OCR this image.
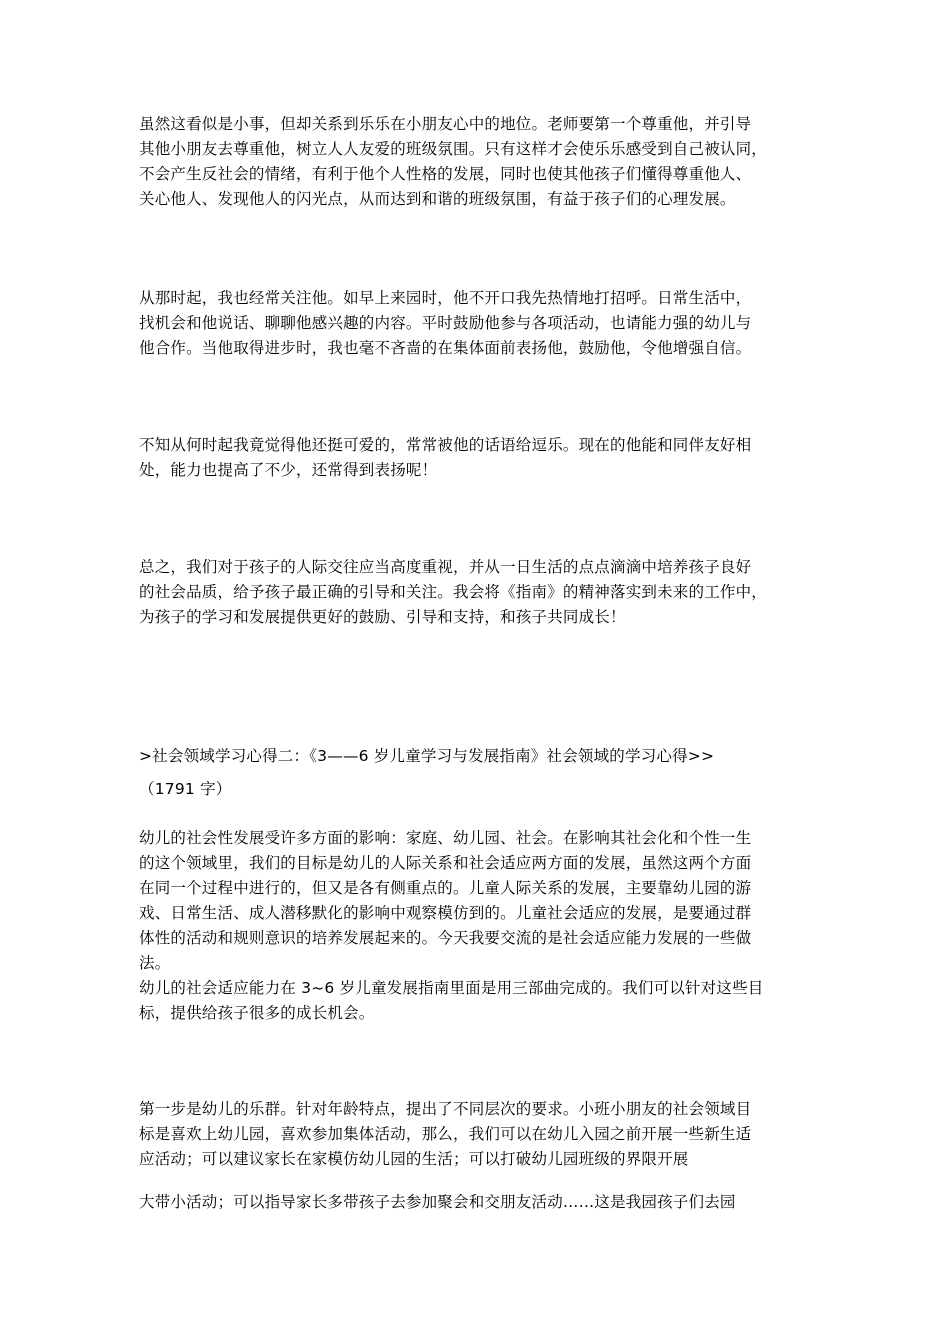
虽然这看似是小事，但却关系到乐乐在小朋友心中的地位。老师要第一个尊重他，并引导
其他小朋友去尊重他，树立人人友爱的班级氛围。只有这样才会使乐乐感受到自己被认同，
不会产生反社会的情绪，有利于他个人性格的发展，同时也使其他孩子们懂得尊重他人、
关心他人、发现他人的闪光点，从而达到和谐的班级氛围，有益于孩子们的心理发展。
从那时起，我也经常关注他。如早上来园时，他不开口我先热情地打招呼。日常生活中，
找机会和他说话、聊聊他感兴趣的内容。平时鼓励他参与各项活动，也请能力强的幼儿与
他合作。当他取得进步时，我也毫不吝啬的在集体面前表扬他，鼓励他，令他增强自信。
不知从何时起我竟觉得他还挺可爱的，常常被他的话语给逗乐。现在的他能和同伴友好相
处，能力也提高了不少，还常得到表扬呢！
总之，我们对于孩子的人际交往应当高度重视，并从一日生活的点点滴滴中培养孩子良好
的社会品质，给予孩子最正确的引导和关注。我会将《指南》的精神落实到未来的工作中，
为孩子的学习和发展提供更好的鼓励、引导和支持，和孩子共同成长！
>社会领域学习心得二：《3——6 岁儿童学习与发展指南》社会领域的学习心得>>
（1791 字）
幼儿的社会性发展受许多方面的影响：家庭、幼儿园、社会。在影响其社会化和个性一生
的这个领域里，我们的目标是幼儿的人际关系和社会适应两方面的发展，虽然这两个方面
在同一个过程中进行的，但又是各有侧重点的。儿童人际关系的发展，主要靠幼儿园的游
戏、日常生活、成人潜移默化的影响中观察模仿到的。儿童社会适应的发展，是要通过群
体性的活动和规则意识的培养发展起来的。今天我要交流的是社会适应能力发展的一些做
法。
幼儿的社会适应能力在 3~6 岁儿童发展指南里面是用三部曲完成的。我们可以针对这些目
标，提供给孩子很多的成长机会。
第一步是幼儿的乐群。针对年龄特点，提出了不同层次的要求。小班小朋友的社会领域目
标是喜欢上幼儿园，喜欢参加集体活动，那么，我们可以在幼儿入园之前开展一些新生适
应活动；可以建议家长在家模仿幼儿园的生活；可以打破幼儿园班级的界限开展
大带小活动；可以指导家长多带孩子去参加聚会和交朋友活动……这是我园孩子们去园
